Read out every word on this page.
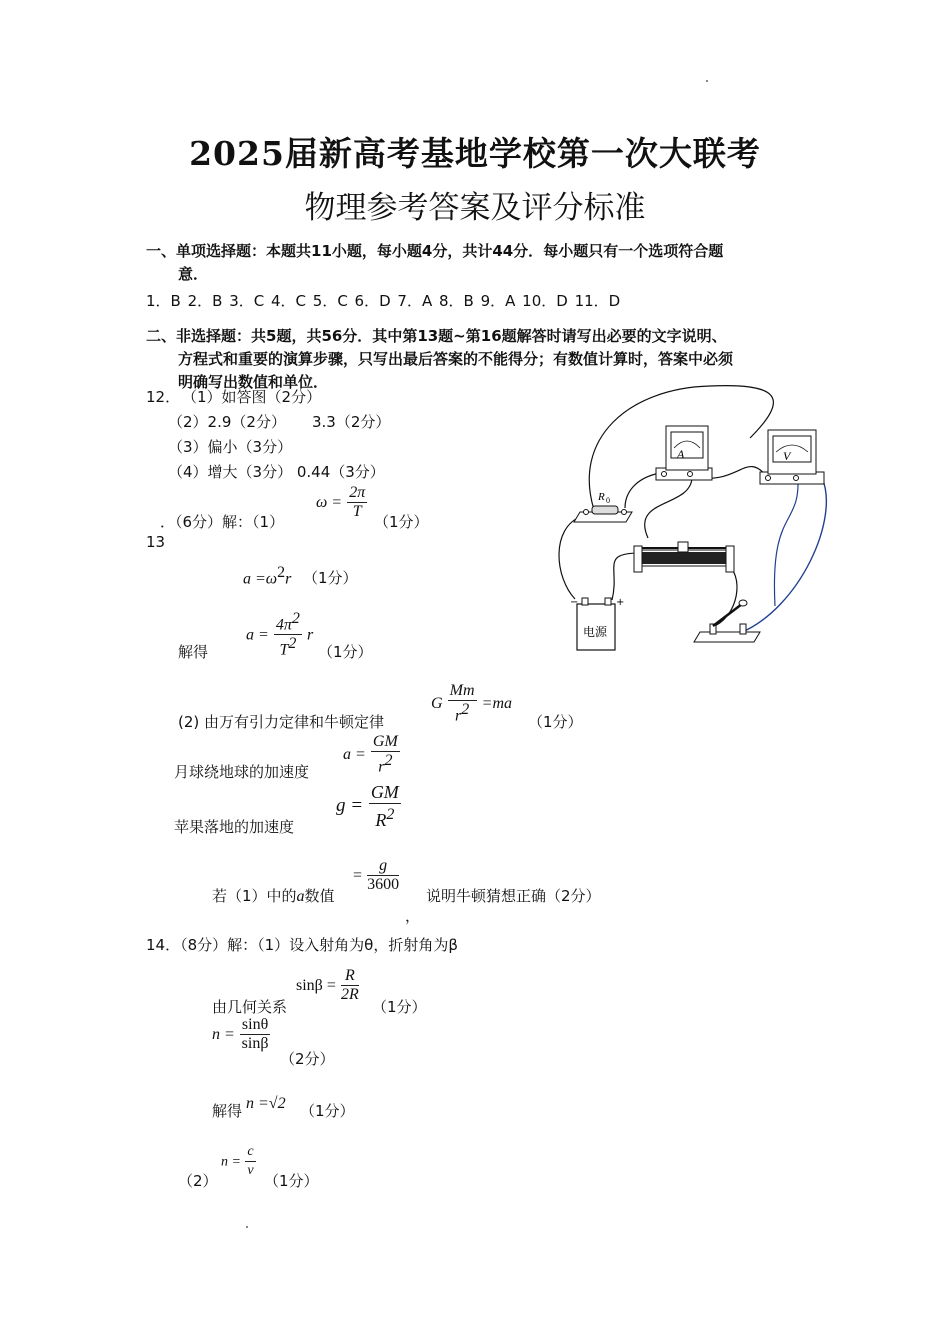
2025届新高考基地学校第一次大联考
物理参考答案及评分标准
一、单项选择题：本题共11小题，每小题4分，共计44分．每小题只有一个选项符合题
意．
1．B 2．B 3．C 4．C 5．C 6．D 7．A 8．B 9．A 10．D 11．D
二、非选择题：共5题，共56分．其中第13题~第16题解答时请写出必要的文字说明、
方程式和重要的演算步骤，只写出最后答案的不能得分；有数值计算时，答案中必须
明确写出数值和单位．
12． （1）如答图（2分）
（2）2.9（2分） 3.3（2分）
（3）偏小（3分）
（4）增大（3分） 0.44（3分）
．（6分）解：（1）
13
$\omega = \frac{2\pi}{T}$
（1分）
$a =\omega^2r$ （1分）
解得
$a = \frac{4\pi^2}{T^2}$ r
（1分）
(2) 由万有引力定律和牛顿定律
G $\frac{Mm}{r^2} =ma$
（1分）
月球绕地球的加速度
$a = \frac{GM}{r^2}$
苹果落地的加速度
$g = \frac{GM}{R^2}$
若（1）中的a数值
= $\frac{g}{3600}$
，
说明牛顿猜想正确（2分）
14．（8分）解：（1）设入射角为θ，折射角为β
由几何关系
$\sin\beta = \frac{R}{2R}$
（1分）
$n = \frac{\sin\theta}{\sin\beta}$
（2分）
解得 n =√2 （1分）
（2）
$n = \frac{c}{v}$
（1分）
A	V
R 0
−	+
电源
